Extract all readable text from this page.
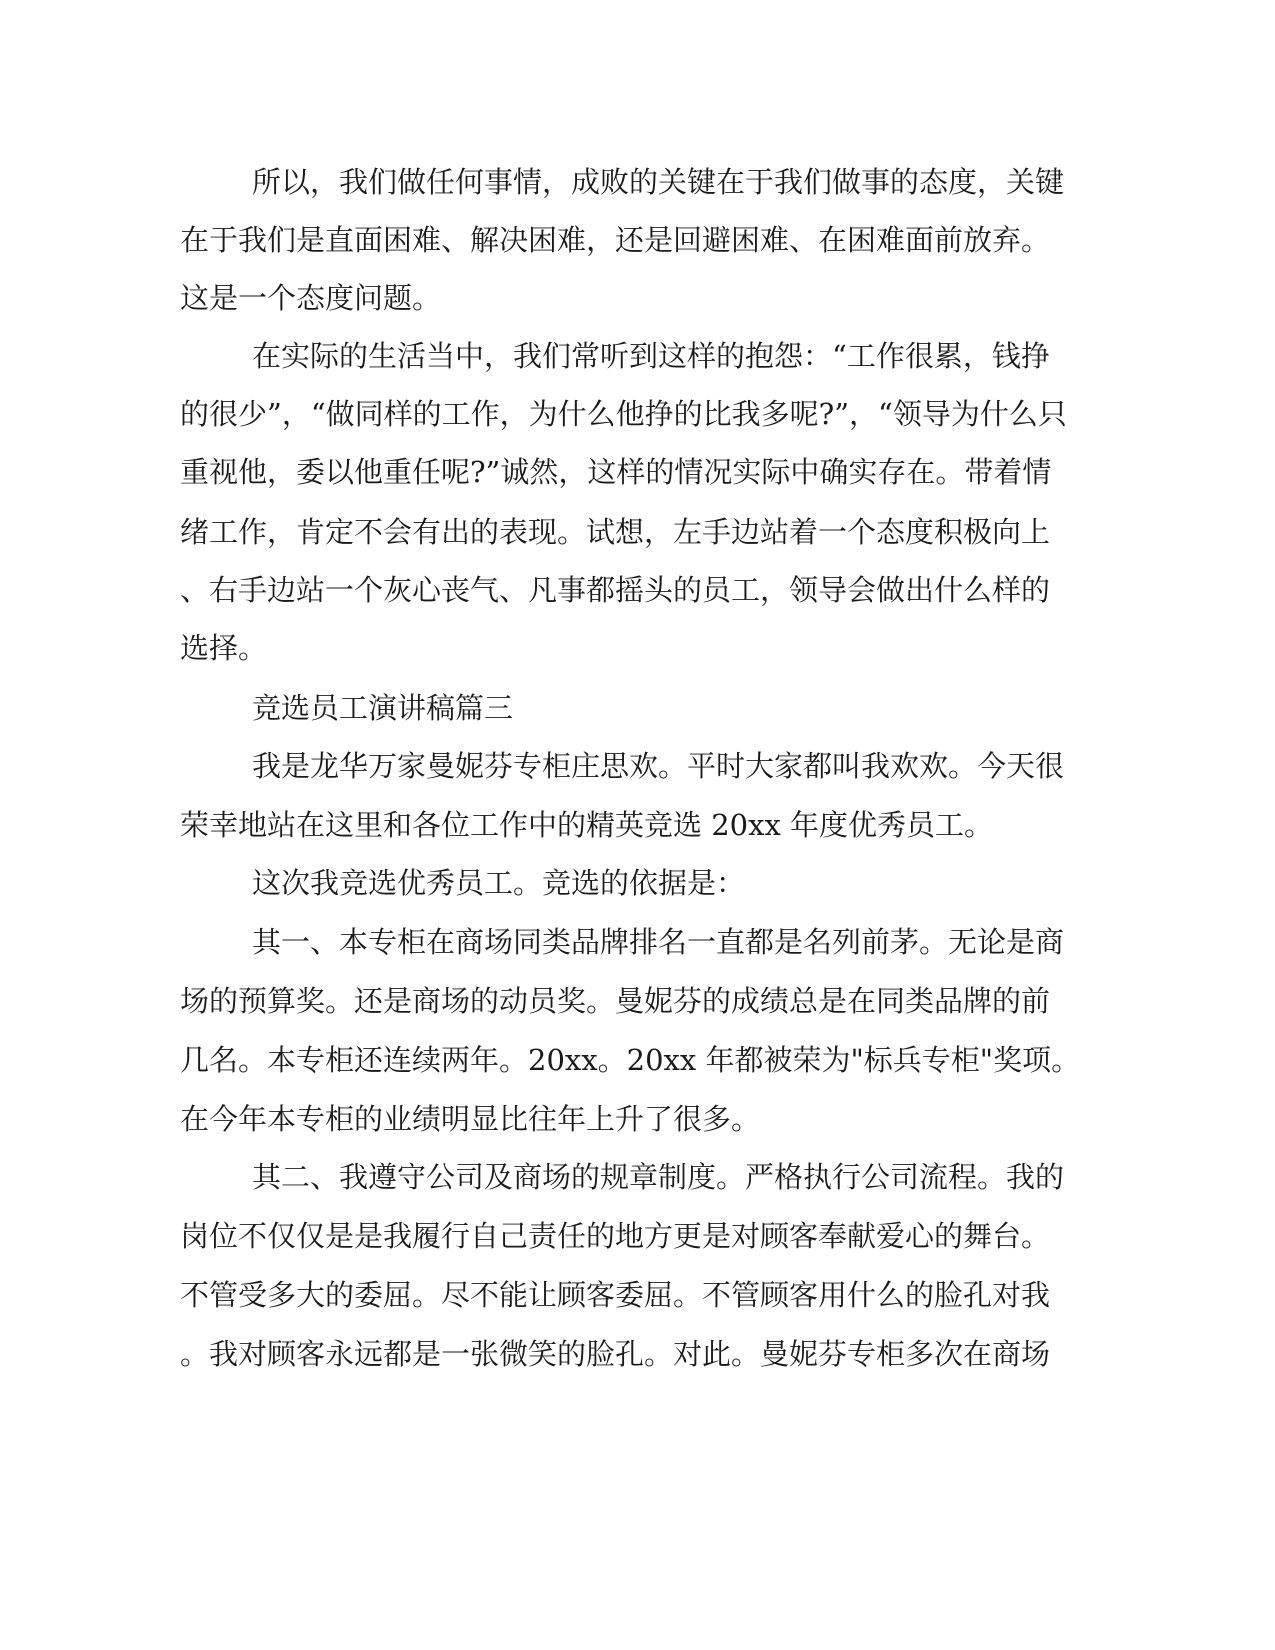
所以，我们做任何事情，成败的关键在于我们做事的态度，关键

在于我们是直面困难、解决困难，还是回避困难、在困难面前放弃。

这是一个态度问题。

在实际的生活当中，我们常听到这样的抱怨：“工作很累，钱挣

的很少”，“做同样的工作，为什么他挣的比我多呢?”，“领导为什么只

重视他，委以他重任呢?”诚然，这样的情况实际中确实存在。带着情

绪工作，肯定不会有出的表现。试想，左手边站着一个态度积极向上

、右手边站一个灰心丧气、凡事都摇头的员工，领导会做出什么样的

选择。

竞选员工演讲稿篇三

我是龙华万家曼妮芬专柜庄思欢。平时大家都叫我欢欢。今天很

荣幸地站在这里和各位工作中的精英竞选 20xx 年度优秀员工。

这次我竞选优秀员工。竞选的依据是：

其一、本专柜在商场同类品牌排名一直都是名列前茅。无论是商

场的预算奖。还是商场的动员奖。曼妮芬的成绩总是在同类品牌的前

几名。本专柜还连续两年。20xx。20xx 年都被荣为"标兵专柜"奖项。

在今年本专柜的业绩明显比往年上升了很多。

其二、我遵守公司及商场的规章制度。严格执行公司流程。我的

岗位不仅仅是是我履行自己责任的地方更是对顾客奉献爱心的舞台。

不管受多大的委屈。尽不能让顾客委屈。不管顾客用什么的脸孔对我

。我对顾客永远都是一张微笑的脸孔。对此。曼妮芬专柜多次在商场
